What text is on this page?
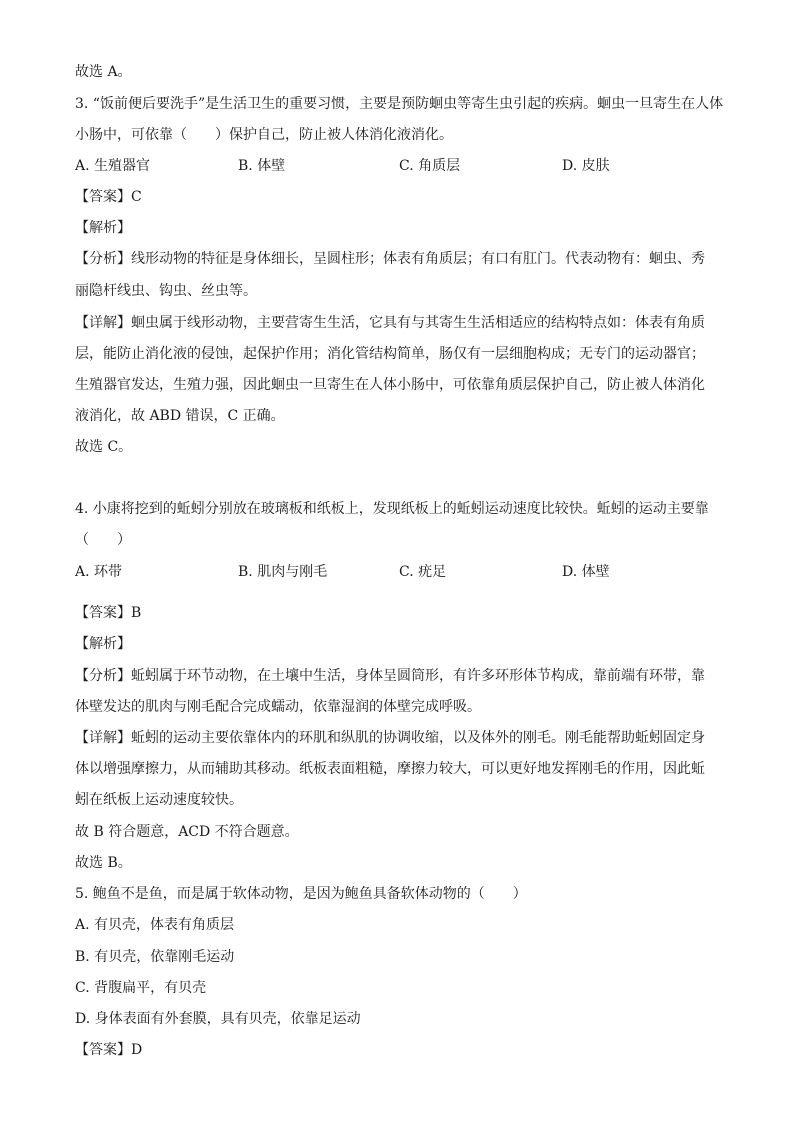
故选 A。
3. “饭前便后要洗手”是生活卫生的重要习惯，主要是预防蛔虫等寄生虫引起的疾病。蛔虫一旦寄生在人体
小肠中，可依靠（　　）保护自己，防止被人体消化液消化。
A. 生殖器官	B. 体壁	C. 角质层	D. 皮肤
【答案】C
【解析】
【分析】线形动物的特征是身体细长，呈圆柱形；体表有角质层；有口有肛门。代表动物有：蛔虫、秀
丽隐杆线虫、钩虫、丝虫等。
【详解】蛔虫属于线形动物，主要营寄生生活，它具有与其寄生生活相适应的结构特点如：体表有角质
层，能防止消化液的侵蚀，起保护作用；消化管结构简单，肠仅有一层细胞构成；无专门的运动器官；
生殖器官发达，生殖力强，因此蛔虫一旦寄生在人体小肠中，可依靠角质层保护自己，防止被人体消化
液消化，故 ABD 错误，C 正确。
故选 C。
4. 小康将挖到的蚯蚓分别放在玻璃板和纸板上，发现纸板上的蚯蚓运动速度比较快。蚯蚓的运动主要靠
（　　）
A. 环带	B. 肌肉与刚毛	C. 疣足	D. 体壁
【答案】B
【解析】
【分析】蚯蚓属于环节动物，在土壤中生活，身体呈圆筒形，有许多环形体节构成，靠前端有环带，靠
体壁发达的肌肉与刚毛配合完成蠕动，依靠湿润的体壁完成呼吸。
【详解】蚯蚓的运动主要依靠体内的环肌和纵肌的协调收缩，以及体外的刚毛。刚毛能帮助蚯蚓固定身
体以增强摩擦力，从而辅助其移动。纸板表面粗糙，摩擦力较大，可以更好地发挥刚毛的作用，因此蚯
蚓在纸板上运动速度较快。
故 B 符合题意，ACD 不符合题意。
故选 B。
5. 鲍鱼不是鱼，而是属于软体动物，是因为鲍鱼具备软体动物的（　　）
A. 有贝壳，体表有角质层
B. 有贝壳，依靠刚毛运动
C. 背腹扁平，有贝壳
D. 身体表面有外套膜，具有贝壳，依靠足运动
【答案】D
